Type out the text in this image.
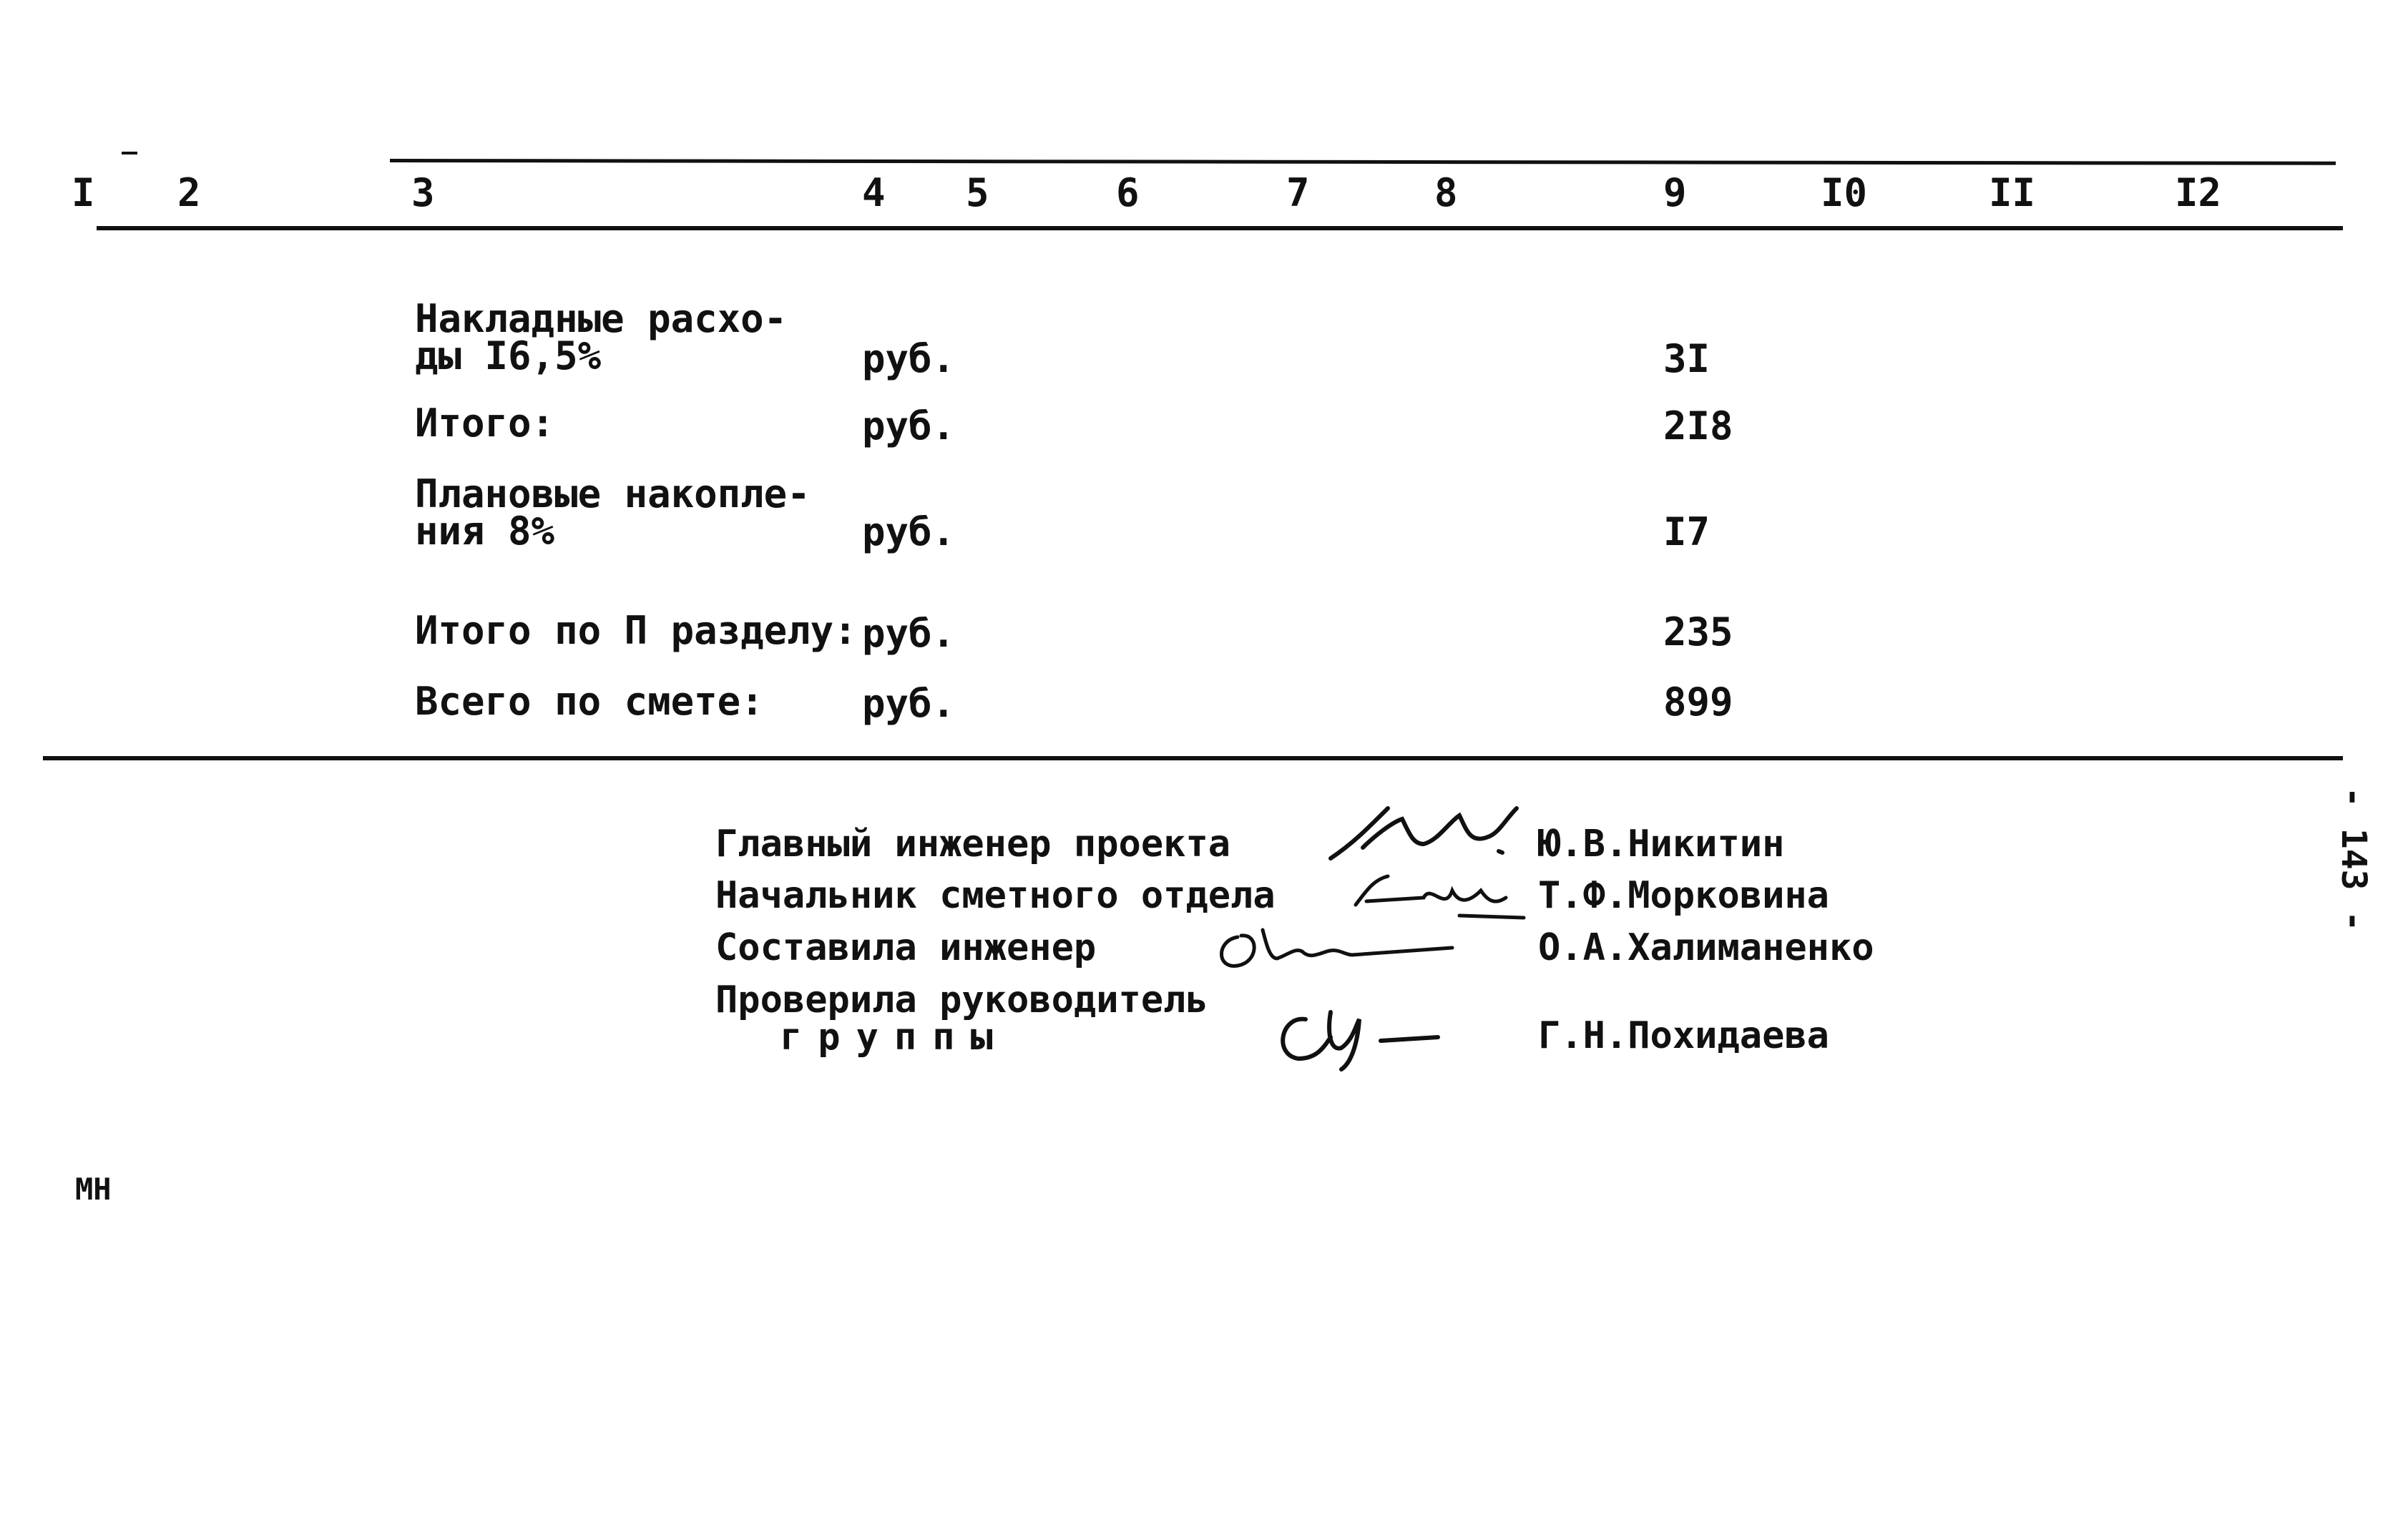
I 2	3	4 5	6	7	8	9	I0	II	I2
Накладные расхо-
ды I6,5%	руб.	3I
Итого:	руб.	2I8
Плановые накопле-
ния 8%	руб.	I7
Итого по П разделу: руб.	235
Всего по смете:	руб.	899
Главный инженер проекта	Ю.В.Никитин
Начальник сметного отдела	Т.Ф.Морковина
Составила инженер	О.А.Халиманенко
Проверила руководитель
группы	Г.Н.Похидаева
- 143 -
МН
